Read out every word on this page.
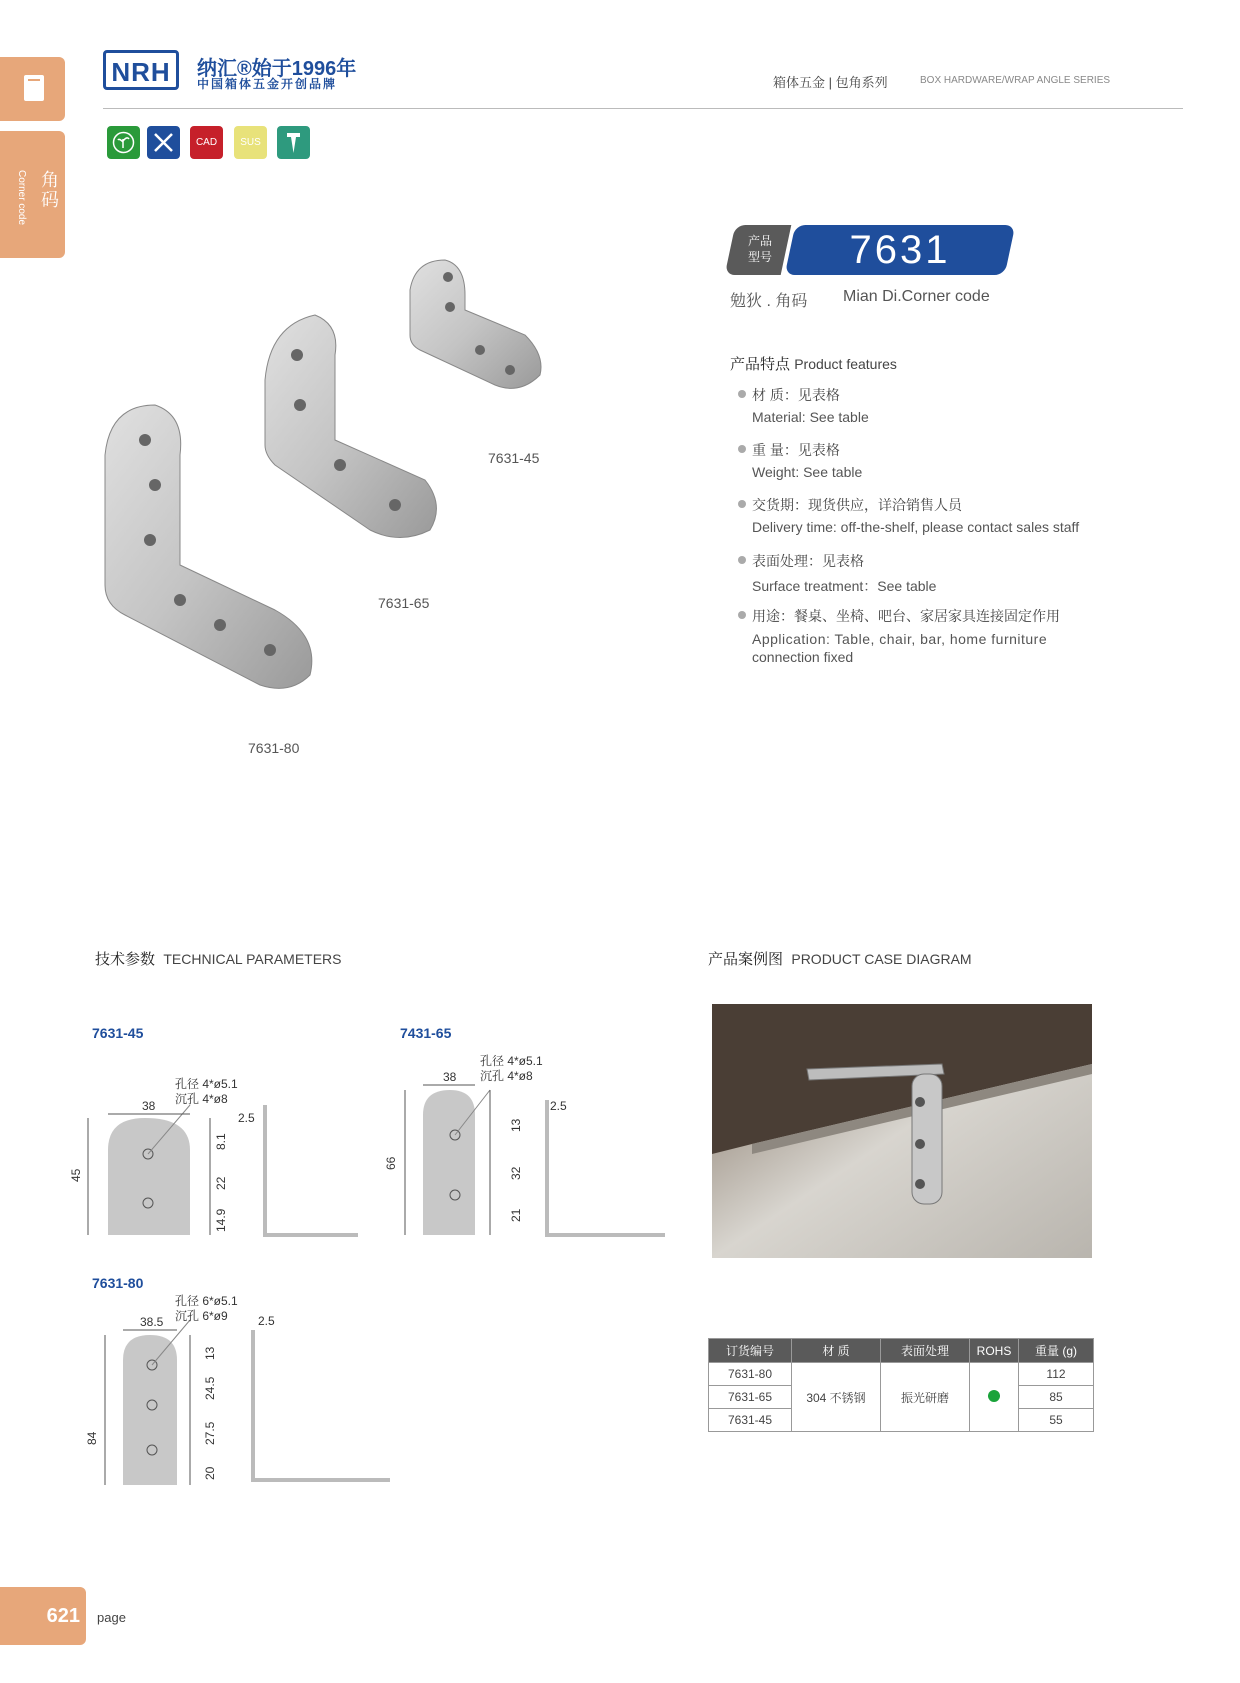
角码
Corner code
NRH	纳汇®始于1996年
中国箱体五金开创品牌	箱体五金 | 包角系列	BOX HARDWARE/WRAP ANGLE SERIES
CAD	SUS
产品
型号	7631
勉狄 . 角码 Mian Di.Corner code
产品特点 Product features
材 质：见表格
Material: See table
重 量：见表格
Weight: See table
交货期：现货供应，详洽销售人员
Delivery time: off-the-shelf, please contact sales staff
表面处理：见表格
Surface treatment：See table
用途：餐桌、坐椅、吧台、家居家具连接固定作用
Application: Table, chair, bar, home furniture
connection fixed
7631-45
7631-65
7631-80
技术参数 TECHNICAL PARAMETERS	产品案例图 PRODUCT CASE DIAGRAM
7631-45
38
45
2.5
8.1
22
14.9
孔径 4*ø5.1
沉孔 4*ø8
7431-65
38
66
2.5
13
32
21
孔径 4*ø5.1
沉孔 4*ø8
7631-80
38.5
84
2.5
13
24.5
27.5
20
孔径 6*ø5.1
沉孔 6*ø9
订货编号	材 质	表面处理	ROHS	重量 (g)
7631-80	304 不锈钢	振光研磨		112
7631-65				85
7631-45				55
621	page
